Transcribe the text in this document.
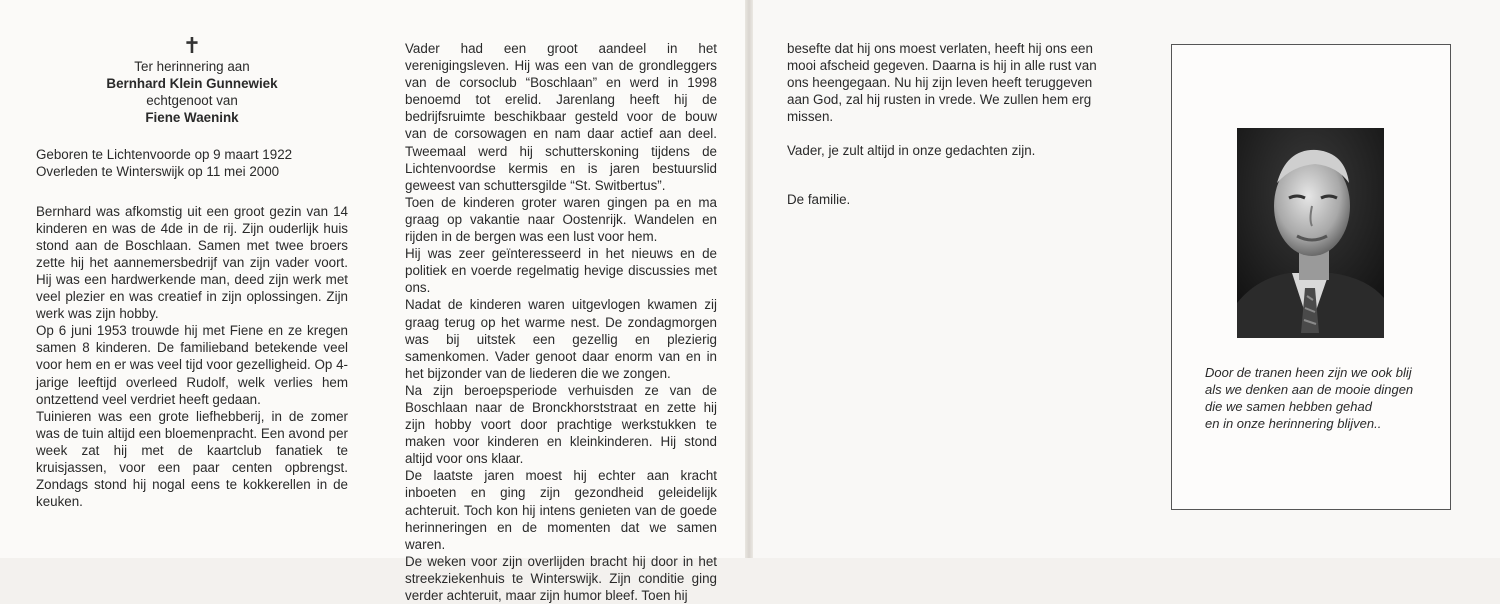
✝

Ter herinnering aan

Bernhard Klein Gunnewiek

echtgenoot van

Fiene Waenink

Geboren te Lichtenvoorde op 9 maart 1922

Overleden te Winterswijk op 11 mei 2000

Bernhard was afkomstig uit een groot gezin van 14 kinderen en was de 4de in de rij. Zijn ouderlijk huis stond aan de Boschlaan. Samen met twee broers zette hij het aannemersbedrijf van zijn vader voort. Hij was een hardwerkende man, deed zijn werk met veel plezier en was creatief in zijn oplossingen. Zijn werk was zijn hobby.

Op 6 juni 1953 trouwde hij met Fiene en ze kregen samen 8 kinderen. De familieband betekende veel voor hem en er was veel tijd voor gezelligheid. Op 4-jarige leeftijd overleed Rudolf, welk verlies hem ontzettend veel verdriet heeft gedaan.

Tuinieren was een grote liefhebberij, in de zomer was de tuin altijd een bloemenpracht. Een avond per week zat hij met de kaartclub fanatiek te kruisjassen, voor een paar centen opbrengst. Zondags stond hij nogal eens te kokkerellen in de keuken.

Vader had een groot aandeel in het verenigingsleven. Hij was een van de grondleggers van de corsoclub “Boschlaan” en werd in 1998 benoemd tot erelid. Jarenlang heeft hij de bedrijfsruimte beschikbaar gesteld voor de bouw van de corsowagen en nam daar actief aan deel. Tweemaal werd hij schutterskoning tijdens de Lichtenvoordse kermis en is jaren bestuurslid geweest van schuttersgilde “St. Switbertus”.

Toen de kinderen groter waren gingen pa en ma graag op vakantie naar Oostenrijk. Wandelen en rijden in de bergen was een lust voor hem.

Hij was zeer geïnteresseerd in het nieuws en de politiek en voerde regelmatig hevige discussies met ons.

Nadat de kinderen waren uitgevlogen kwamen zij graag terug op het warme nest. De zondagmorgen was bij uitstek een gezellig en plezierig samenkomen. Vader genoot daar enorm van en in het bijzonder van de liederen die we zongen.

Na zijn beroepsperiode verhuisden ze van de Boschlaan naar de Bronckhorststraat en zette hij zijn hobby voort door prachtige werkstukken te maken voor kinderen en kleinkinderen. Hij stond altijd voor ons klaar.

De laatste jaren moest hij echter aan kracht inboeten en ging zijn gezondheid geleidelijk achteruit. Toch kon hij intens genieten van de goede herinneringen en de momenten dat we samen waren.

De weken voor zijn overlijden bracht hij door in het streekziekenhuis te Winterswijk. Zijn conditie ging verder achteruit, maar zijn humor bleef. Toen hij

besefte dat hij ons moest verlaten, heeft hij ons een mooi afscheid gegeven. Daarna is hij in alle rust van ons heengegaan. Nu hij zijn leven heeft teruggeven aan God, zal hij rusten in vrede. We zullen hem erg missen.

Vader, je zult altijd in onze gedachten zijn.

De familie.

Door de tranen heen zijn we ook blij

als we denken aan de mooie dingen

die we samen hebben gehad

en in onze herinnering blijven..
